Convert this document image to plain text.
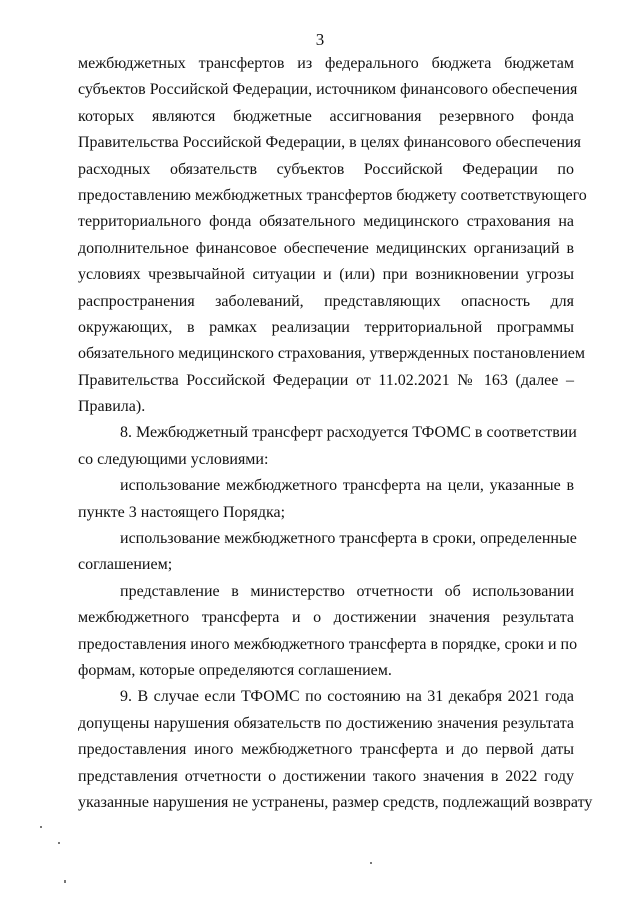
3
межбюджетных трансфертов из федерального бюджета бюджетам
субъектов Российской Федерации, источником финансового обеспечения
которых являются бюджетные ассигнования резервного фонда
Правительства Российской Федерации, в целях финансового обеспечения
расходных обязательств субъектов Российской Федерации по
предоставлению межбюджетных трансфертов бюджету соответствующего
территориального фонда обязательного медицинского страхования на
дополнительное финансовое обеспечение медицинских организаций в
условиях чрезвычайной ситуации и (или) при возникновении угрозы
распространения заболеваний, представляющих опасность для
окружающих, в рамках реализации территориальной программы
обязательного медицинского страхования, утвержденных постановлением
Правительства Российской Федерации от 11.02.2021 № 163 (далее –
Правила).
8. Межбюджетный трансферт расходуется ТФОМС в соответствии
со следующими условиями:
использование межбюджетного трансферта на цели, указанные в
пункте 3 настоящего Порядка;
использование межбюджетного трансферта в сроки, определенные
соглашением;
представление в министерство отчетности об использовании
межбюджетного трансферта и о достижении значения результата
предоставления иного межбюджетного трансферта в порядке, сроки и по
формам, которые определяются соглашением.
9. В случае если ТФОМС по состоянию на 31 декабря 2021 года
допущены нарушения обязательств по достижению значения результата
предоставления иного межбюджетного трансферта и до первой даты
представления отчетности о достижении такого значения в 2022 году
указанные нарушения не устранены, размер средств, подлежащий возврату
